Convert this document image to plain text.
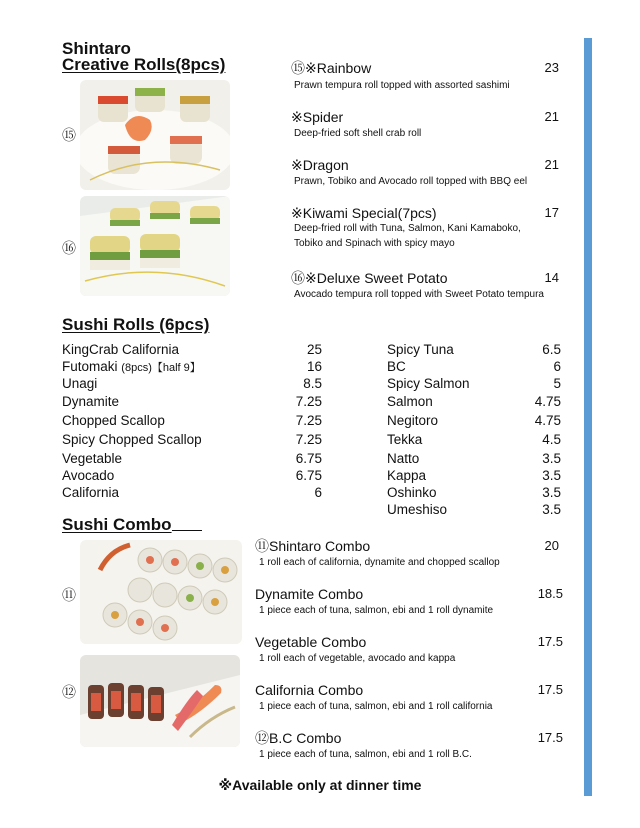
Shintaro
Creative Rolls(8pcs)
⑮
⑯
⑮※Rainbow	23
Prawn tempura roll topped with assorted sashimi
※Spider	21
Deep-fried soft shell crab roll
※Dragon	21
Prawn, Tobiko and Avocado roll topped with BBQ eel
※Kiwami Special(7pcs)	17
Deep-fried roll with Tuna, Salmon, Kani Kamaboko,
Tobiko and Spinach with spicy mayo
⑯※Deluxe Sweet Potato	14
Avocado tempura roll topped with Sweet Potato tempura
Sushi Rolls (6pcs)
KingCrab California	25
Futomaki (8pcs)【half 9】	16
Unagi	8.5
Dynamite	7.25
Chopped Scallop	7.25
Spicy Chopped Scallop	7.25
Vegetable	6.75
Avocado	6.75
California	6
Spicy Tuna	6.5
BC	6
Spicy Salmon	5
Salmon	4.75
Negitoro	4.75
Tekka	4.5
Kappa	3.5
Natto	3.5
Oshinko	3.5
Umeshiso	3.5
Sushi Combo
⑪
⑫
⑪Shintaro Combo	20
1 roll each of california, dynamite and chopped scallop
Dynamite Combo	18.5
1 piece each of tuna, salmon, ebi and 1 roll dynamite
Vegetable Combo	17.5
1 roll each of vegetable, avocado and kappa
California Combo	17.5
1 piece each of tuna, salmon, ebi and 1 roll california
⑫B.C Combo	17.5
1 piece each of tuna, salmon, ebi and 1 roll B.C.
※Available only at dinner time
